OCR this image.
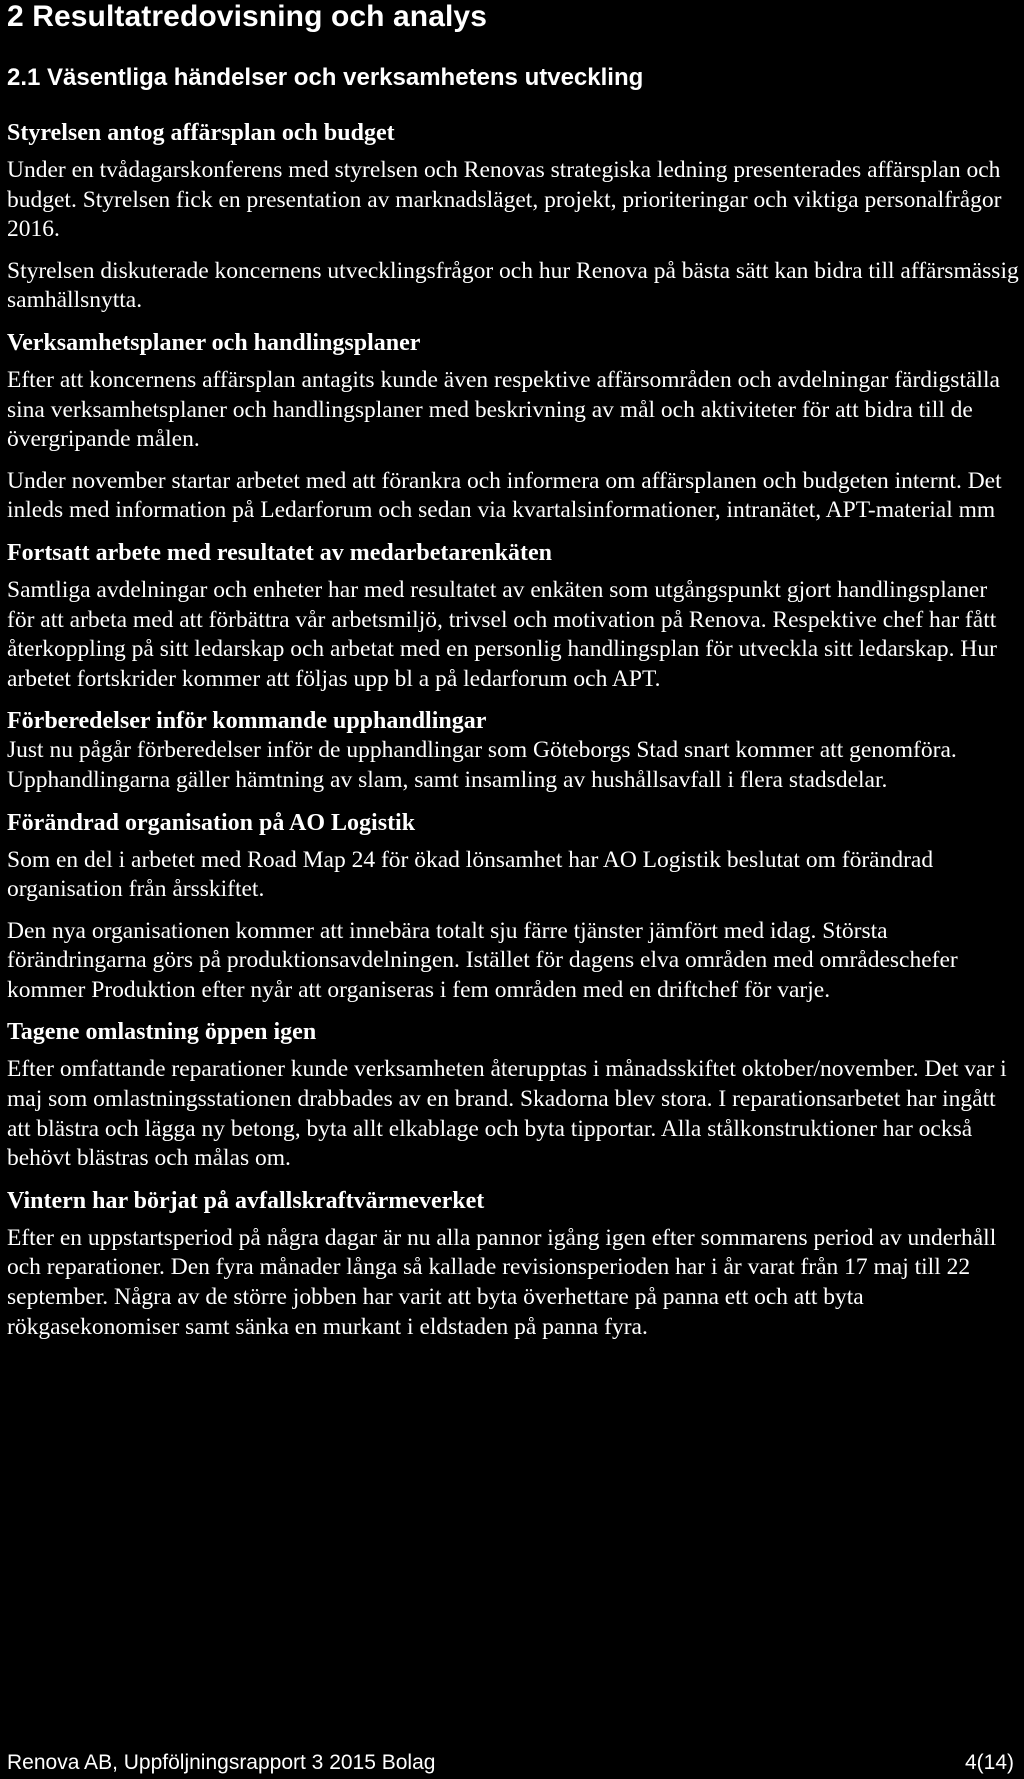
2 Resultatredovisning och analys
2.1 Väsentliga händelser och verksamhetens utveckling
Styrelsen antog affärsplan och budget

Under en tvådagarskonferens med styrelsen och Renovas strategiska ledning presenterades affärsplan och budget. Styrelsen fick en presentation av marknadsläget, projekt, prioriteringar och viktiga personalfrågor 2016.

Styrelsen diskuterade koncernens utvecklingsfrågor och hur Renova på bästa sätt kan bidra till affärsmässig samhällsnytta.

Verksamhetsplaner och handlingsplaner

Efter att koncernens affärsplan antagits kunde även respektive affärsområden och avdelningar färdigställa sina verksamhetsplaner och handlingsplaner med beskrivning av mål och aktiviteter för att bidra till de övergripande målen.

Under november startar arbetet med att förankra och informera om affärsplanen och budgeten internt. Det inleds med information på Ledarforum och sedan via kvartalsinformationer, intranätet, APT-material mm

Fortsatt arbete med resultatet av medarbetarenkäten

Samtliga avdelningar och enheter har med resultatet av enkäten som utgångspunkt gjort handlingsplaner för att arbeta med att förbättra vår arbetsmiljö, trivsel och motivation på Renova. Respektive chef har fått återkoppling på sitt ledarskap och arbetat med en personlig handlingsplan för utveckla sitt ledarskap. Hur arbetet fortskrider kommer att följas upp bl a på ledarforum och APT.

Förberedelser inför kommande upphandlingar

Just nu pågår förberedelser inför de upphandlingar som Göteborgs Stad snart kommer att genomföra. Upphandlingarna gäller hämtning av slam, samt insamling av hushållsavfall i flera stadsdelar.

Förändrad organisation på AO Logistik

Som en del i arbetet med Road Map 24 för ökad lönsamhet har AO Logistik beslutat om förändrad organisation från årsskiftet.

Den nya organisationen kommer att innebära totalt sju färre tjänster jämfört med idag. Största förändringarna görs på produktionsavdelningen. Istället för dagens elva områden med områdeschefer kommer Produktion efter nyår att organiseras i fem områden med en driftchef för varje.

Tagene omlastning öppen igen

Efter omfattande reparationer kunde verksamheten återupptas i månadsskiftet oktober/november. Det var i maj som omlastningsstationen drabbades av en brand. Skadorna blev stora. I reparationsarbetet har ingått att blästra och lägga ny betong, byta allt elkablage och byta tipportar. Alla stålkonstruktioner har också behövt blästras och målas om.

Vintern har börjat på avfallskraftvärmeverket

Efter en uppstartsperiod på några dagar är nu alla pannor igång igen efter sommarens period av underhåll och reparationer. Den fyra månader långa så kallade revisionsperioden har i år varat från 17 maj till 22 september. Några av de större jobben har varit att byta överhettare på panna ett och att byta rökgasekonomiser samt sänka en murkant i eldstaden på panna fyra.

Renova AB, Uppföljningsrapport 3 2015 Bolag	4(14)
